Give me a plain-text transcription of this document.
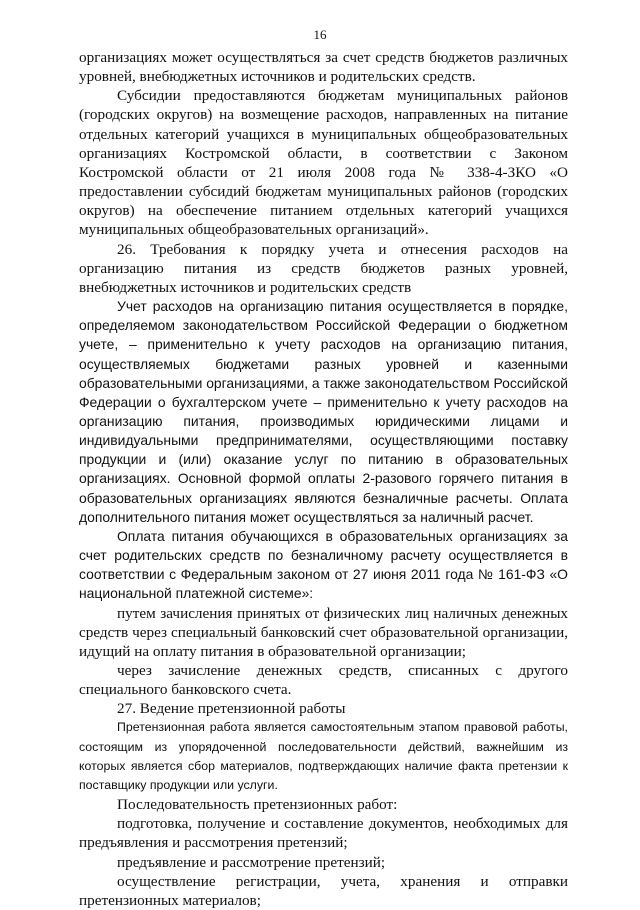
16

организациях может осуществляться за счет средств бюджетов различных уровней, внебюджетных источников и родительских средств.

Субсидии предоставляются бюджетам муниципальных районов (городских округов) на возмещение расходов, направленных на питание отдельных категорий учащихся в муниципальных общеобразовательных организациях Костромской области, в соответствии с Законом Костромской области от 21 июля 2008 года № 338-4-ЗКО «О предоставлении субсидий бюджетам муниципальных районов (городских округов) на обеспечение питанием отдельных категорий учащихся муниципальных общеобразовательных организаций».

26. Требования к порядку учета и отнесения расходов на организацию питания из средств бюджетов разных уровней, внебюджетных источников и родительских средств

Учет расходов на организацию питания осуществляется в порядке, определяемом законодательством Российской Федерации о бюджетном учете, – применительно к учету расходов на организацию питания, осуществляемых бюджетами разных уровней и казенными образовательными организациями, а также законодательством Российской Федерации о бухгалтерском учете – применительно к учету расходов на организацию питания, производимых юридическими лицами и индивидуальными предпринимателями, осуществляющими поставку продукции и (или) оказание услуг по питанию в образовательных организациях. Основной формой оплаты 2-разового горячего питания в образовательных организациях являются безналичные расчеты. Оплата дополнительного питания может осуществляться за наличный расчет.

Оплата питания обучающихся в образовательных организациях за счет родительских средств по безналичному расчету осуществляется в соответствии с Федеральным законом от 27 июня 2011 года № 161-ФЗ «О национальной платежной системе»:

путем зачисления принятых от физических лиц наличных денежных средств через специальный банковский счет образовательной организации, идущий на оплату питания в образовательной организации;

через зачисление денежных средств, списанных с другого специального банковского счета.

27. Ведение претензионной работы

Претензионная работа является самостоятельным этапом правовой работы, состоящим из упорядоченной последовательности действий, важнейшим из которых является сбор материалов, подтверждающих наличие факта претензии к поставщику продукции или услуги.

Последовательность претензионных работ:

подготовка, получение и составление документов, необходимых для предъявления и рассмотрения претензий;

предъявление и рассмотрение претензий;

осуществление регистрации, учета, хранения и отправки претензионных материалов;
